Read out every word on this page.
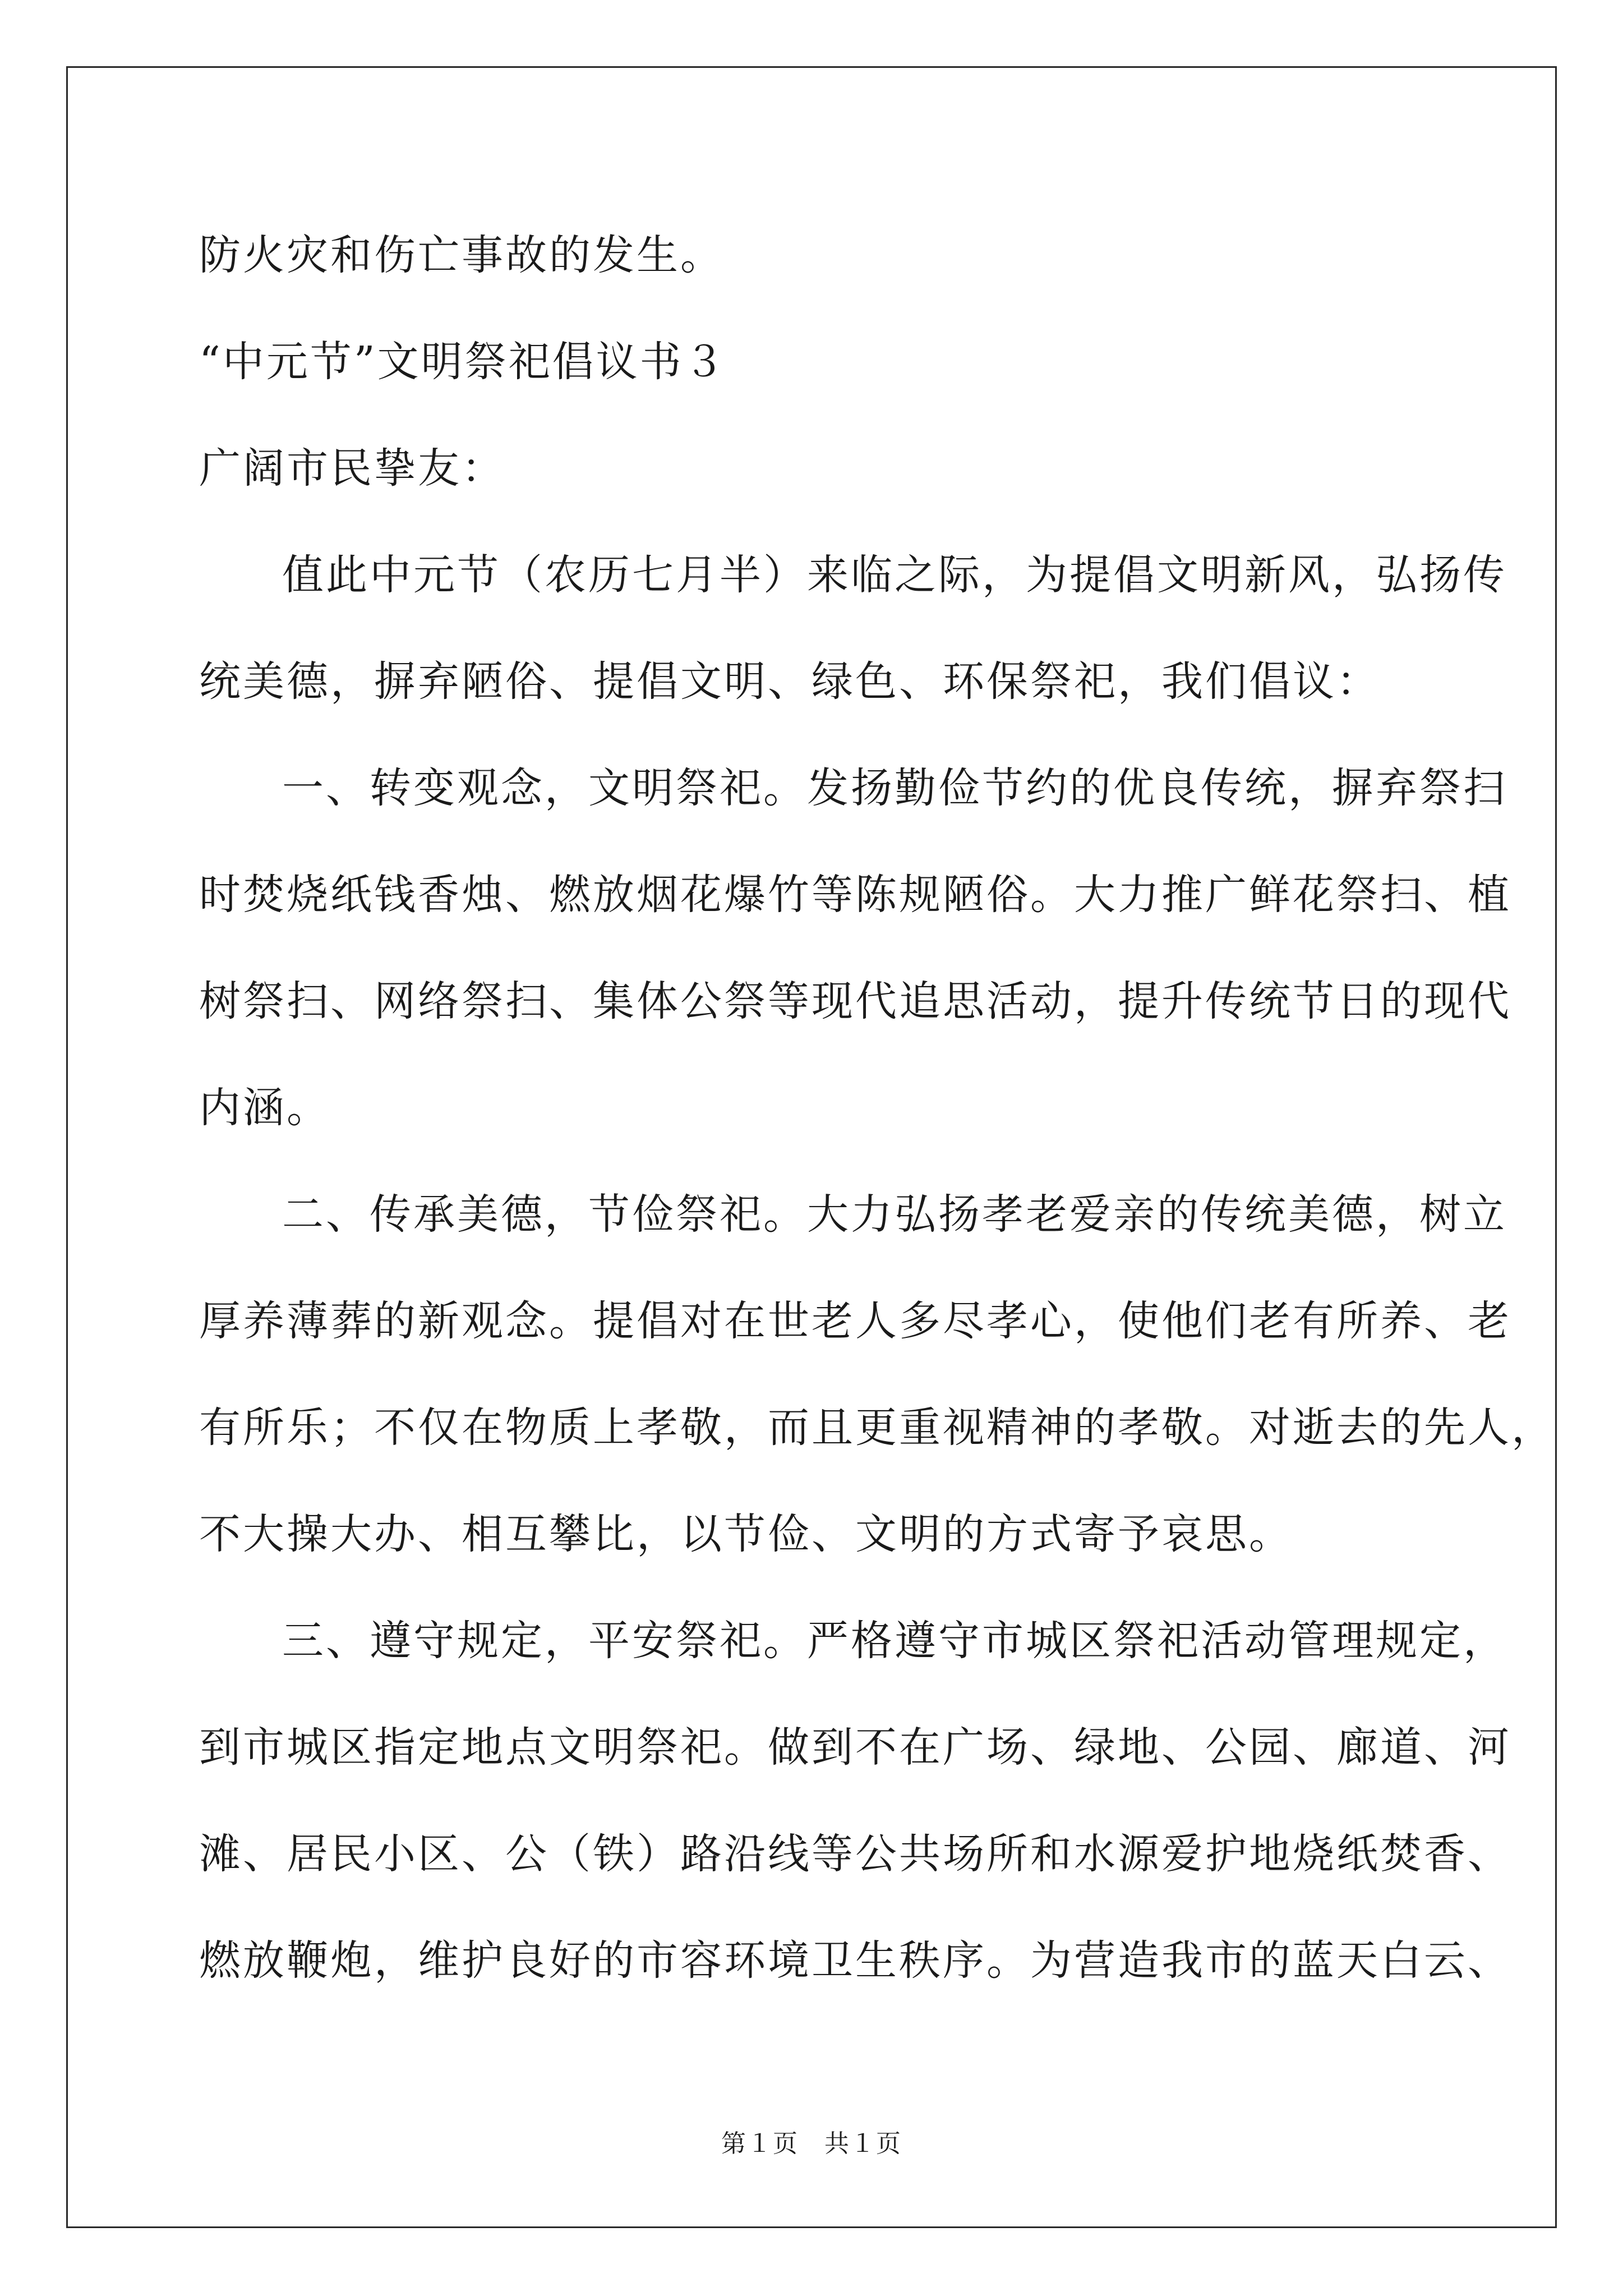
防火灾和伤亡事故的发生。
“中元节”文明祭祀倡议书３
广阔市民挚友：
值此中元节（农历七月半）来临之际，为提倡文明新风，弘扬传
统美德，摒弃陋俗、提倡文明、绿色、环保祭祀，我们倡议：
一、转变观念，文明祭祀。发扬勤俭节约的优良传统，摒弃祭扫
时焚烧纸钱香烛、燃放烟花爆竹等陈规陋俗。大力推广鲜花祭扫、植
树祭扫、网络祭扫、集体公祭等现代追思活动，提升传统节日的现代
内涵。
二、传承美德，节俭祭祀。大力弘扬孝老爱亲的传统美德，树立
厚养薄葬的新观念。提倡对在世老人多尽孝心，使他们老有所养、老
有所乐；不仅在物质上孝敬，而且更重视精神的孝敬。对逝去的先人，
不大操大办、相互攀比，以节俭、文明的方式寄予哀思。
三、遵守规定，平安祭祀。严格遵守市城区祭祀活动管理规定，
到市城区指定地点文明祭祀。做到不在广场、绿地、公园、廊道、河
滩、居民小区、公（铁）路沿线等公共场所和水源爱护地烧纸焚香、
燃放鞭炮，维护良好的市容环境卫生秩序。为营造我市的蓝天白云、
第１页 共１页
